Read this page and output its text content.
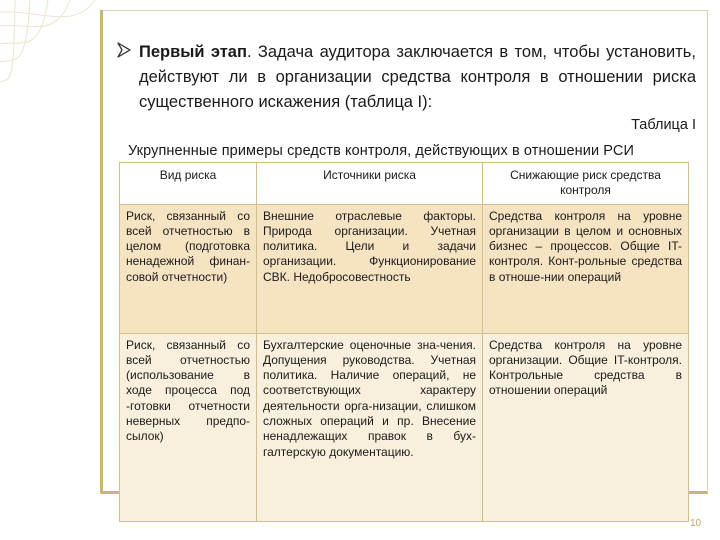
Первый этап. Задача аудитора заключается в том, чтобы установить, действуют ли в организации средства контроля в отношении риска существенного искажения (таблица I):
Таблица I
Укрупненные примеры средств контроля, действующих в отношении РСИ
Вид риска	Источники риска	Снижающие риск средства контроля

Риск, связанный со всей отчетностью в целом (подготовка ненадежной финан-совой отчетности)	Внешние отраслевые факторы. Природа организации. Учетная политика. Цели и задачи организации. Функционирование СВК. Недобросовестность	Средства контроля на уровне организации в целом и основных бизнес – процессов. Общие IT-контроля. Конт-рольные средства в отноше-нии операций

Риск, связанный со всей отчетностью (использование в ходе процесса под -готовки отчетности неверных предпо-сылок)	Бухгалтерские оценочные зна-чения. Допущения руководства. Учетная политика. Наличие операций, не соответствующих характеру деятельности орга-низации, слишком сложных операций и пр. Внесение ненадлежащих правок в бух-галтерскую документацию.	Средства контроля на уровне организации. Общие IT-контроля. Контрольные средства в отношении операций
10
